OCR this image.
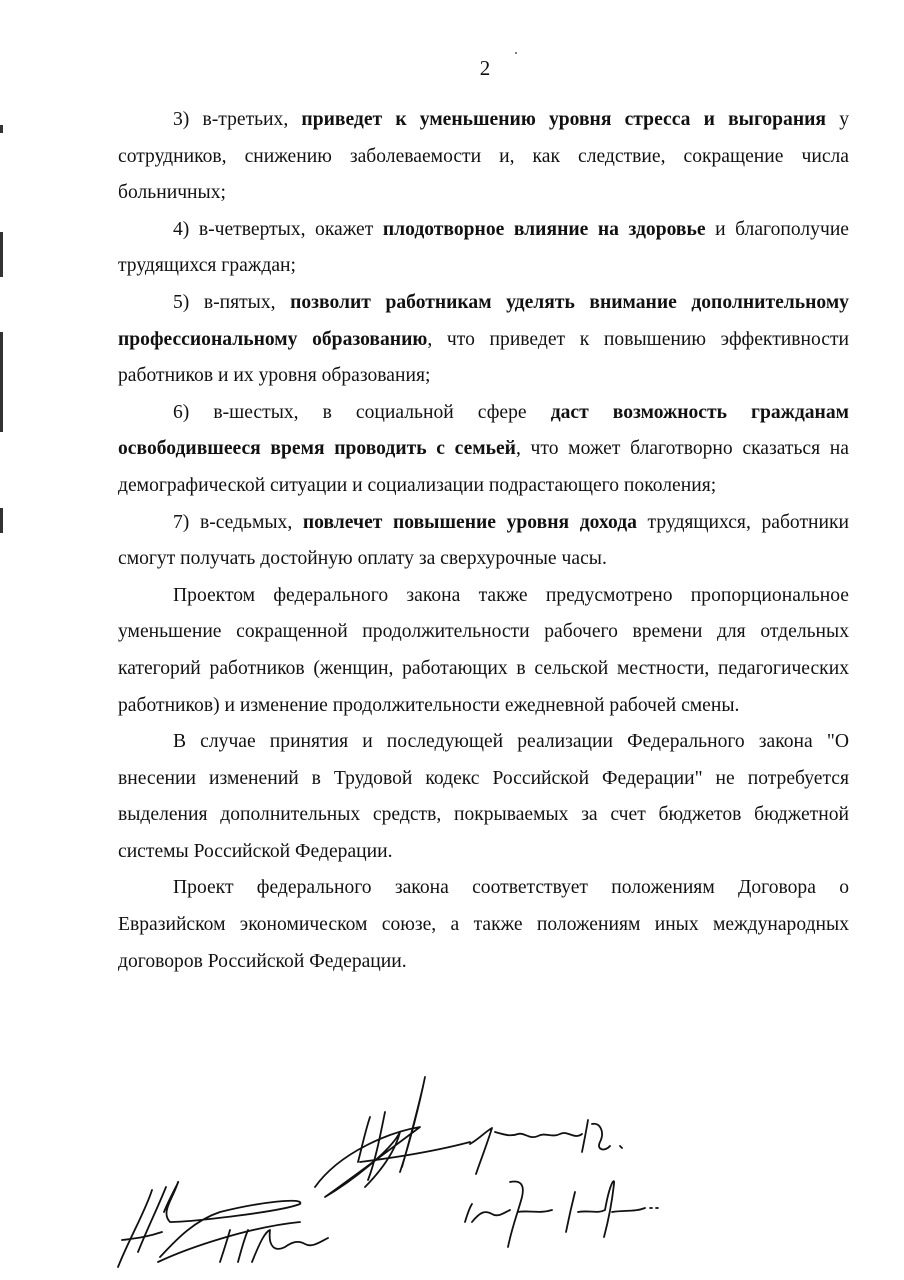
2

3) в-третьих, приведет к уменьшению уровня стресса и выгорания у сотрудников, снижению заболеваемости и, как следствие, сокращение числа больничных;

4) в-четвертых, окажет плодотворное влияние на здоровье и благополучие трудящихся граждан;

5) в-пятых, позволит работникам уделять внимание дополнительному профессиональному образованию, что приведет к повышению эффективности работников и их уровня образования;

6) в-шестых, в социальной сфере даст возможность гражданам освободившееся время проводить с семьей, что может благотворно сказаться на демографической ситуации и социализации подрастающего поколения;

7) в-седьмых, повлечет повышение уровня дохода трудящихся, работники смогут получать достойную оплату за сверхурочные часы.

Проектом федерального закона также предусмотрено пропорциональное уменьшение сокращенной продолжительности рабочего времени для отдельных категорий работников (женщин, работающих в сельской местности, педагогических работников) и изменение продолжительности ежедневной рабочей смены.

В случае принятия и последующей реализации Федерального закона "О внесении изменений в Трудовой кодекс Российской Федерации" не потребуется выделения дополнительных средств, покрываемых за счет бюджетов бюджетной системы Российской Федерации.

Проект федерального закона соответствует положениям Договора о Евразийском экономическом союзе, а также положениям иных международных договоров Российской Федерации.
